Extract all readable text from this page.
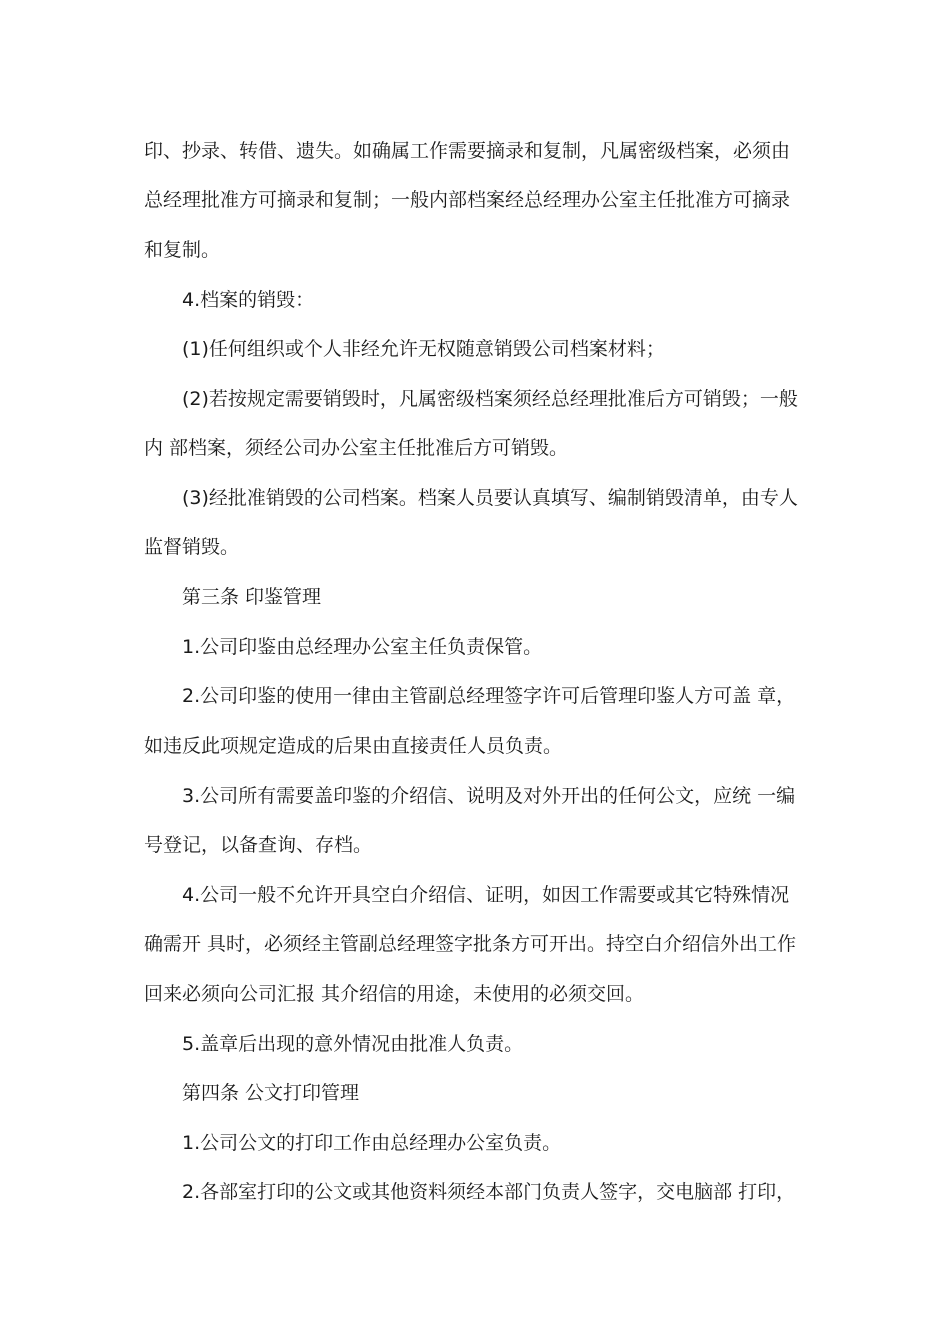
印、抄录、转借、遗失。如确属工作需要摘录和复制，凡属密级档案，必须由
总经理批准方可摘录和复制；一般内部档案经总经理办公室主任批准方可摘录
和复制。
4.档案的销毁：
(1)任何组织或个人非经允许无权随意销毁公司档案材料；
(2)若按规定需要销毁时，凡属密级档案须经总经理批准后方可销毁；一般
内 部档案，须经公司办公室主任批准后方可销毁。
(3)经批准销毁的公司档案。档案人员要认真填写、编制销毁清单，由专人
监督销毁。
第三条 印鉴管理
1.公司印鉴由总经理办公室主任负责保管。
2.公司印鉴的使用一律由主管副总经理签字许可后管理印鉴人方可盖 章，
如违反此项规定造成的后果由直接责任人员负责。
3.公司所有需要盖印鉴的介绍信、说明及对外开出的任何公文，应统 一编
号登记，以备查询、存档。
4.公司一般不允许开具空白介绍信、证明，如因工作需要或其它特殊情况
确需开 具时，必须经主管副总经理签字批条方可开出。持空白介绍信外出工作
回来必须向公司汇报 其介绍信的用途，未使用的必须交回。
5.盖章后出现的意外情况由批准人负责。
第四条 公文打印管理
1.公司公文的打印工作由总经理办公室负责。
2.各部室打印的公文或其他资料须经本部门负责人签字，交电脑部 打印，
